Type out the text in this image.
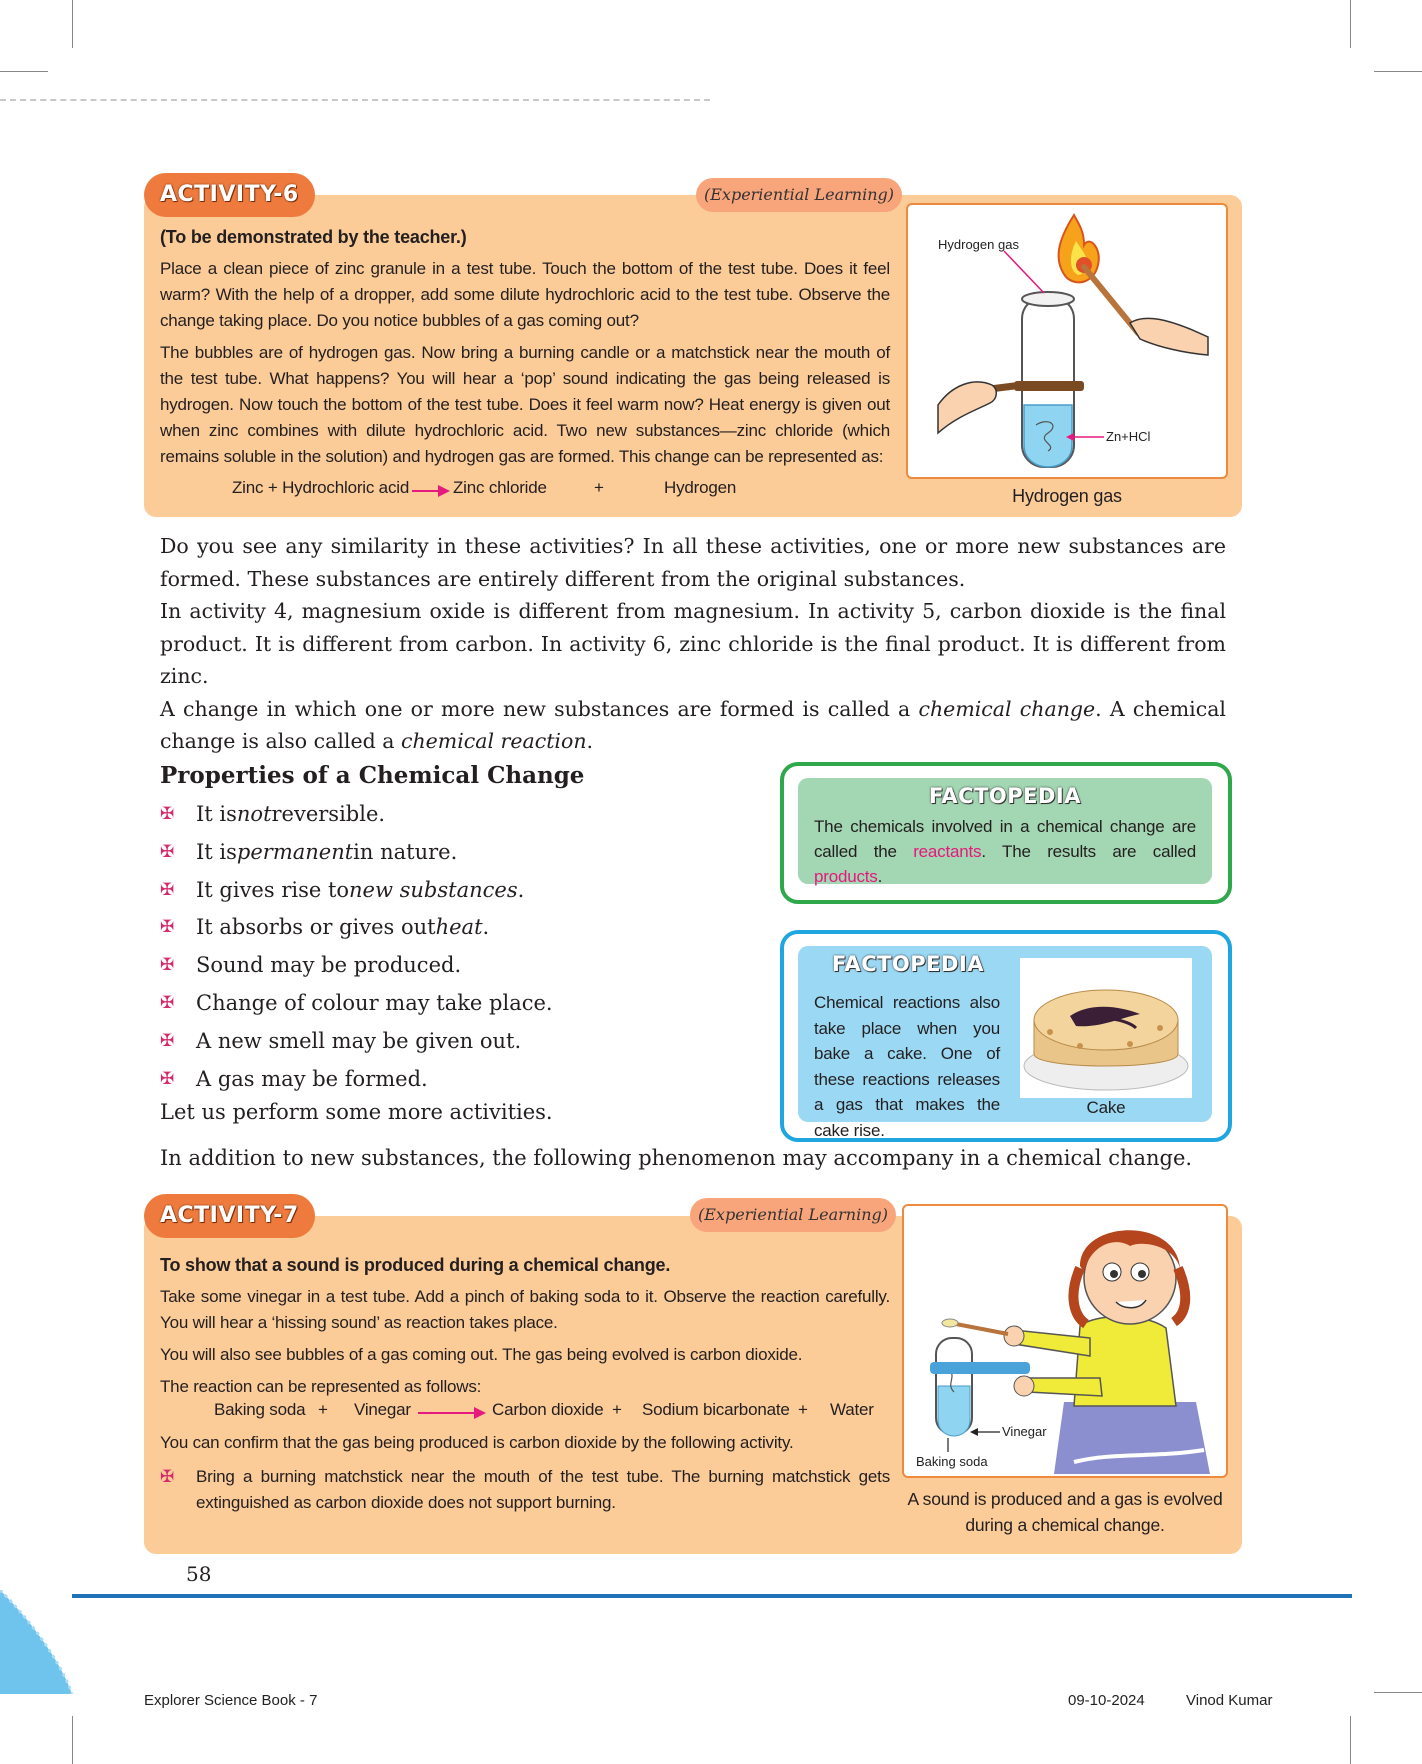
ACTIVITY-6	(Experiential Learning)

(To be demonstrated by the teacher.)

Place a clean piece of zinc granule in a test tube. Touch the bottom of the test tube. Does it feel warm? With the help of a dropper, add some dilute hydrochloric acid to the test tube. Observe the change taking place. Do you notice bubbles of a gas coming out?

The bubbles are of hydrogen gas. Now bring a burning candle or a matchstick near the mouth of the test tube. What happens? You will hear a ‘pop’ sound indicating the gas being released is hydrogen. Now touch the bottom of the test tube. Does it feel warm now? Heat energy is given out when zinc combines with dilute hydrochloric acid. Two new substances—zinc chloride (which remains soluble in the solution) and hydrogen gas are formed. This change can be represented as:

Zinc + Hydrochloric acid	Zinc chloride	+	Hydrogen
Hydrogen gas
Zn+HCl
Hydrogen gas

Do you see any similarity in these activities? In all these activities, one or more new substances are formed. These substances are entirely different from the original substances.

In activity 4, magnesium oxide is different from magnesium. In activity 5, carbon dioxide is the final product. It is different from carbon. In activity 6, zinc chloride is the final product. It is different from zinc.

A change in which one or more new substances are formed is called a chemical change. A chemical change is also called a chemical reaction.

Properties of a Chemical Change
✠	It is not reversible.
✠	It is permanent in nature.
✠	It gives rise to new substances .
✠	It absorbs or gives out heat .
✠	Sound may be produced.
✠	Change of colour may take place.
✠	A new smell may be given out.
✠	A gas may be formed.
Let us perform some more activities.
FACTOPEDIA
The chemicals involved in a chemical change are called the reactants. The results are called products.
FACTOPEDIA
Chemical reactions also take place when you bake a cake. One of these reactions releases a gas that makes the cake rise.
Cake
In addition to new substances, the following phenomenon may accompany in a chemical change.
ACTIVITY-7	(Experiential Learning)

To show that a sound is produced during a chemical change.

Take some vinegar in a test tube. Add a pinch of baking soda to it. Observe the reaction carefully. You will hear a ‘hissing sound’ as reaction takes place.

You will also see bubbles of a gas coming out. The gas being evolved is carbon dioxide.

The reaction can be represented as follows:

Baking soda + Vinegar	Carbon dioxide + Sodium bicarbonate + Water

You can confirm that the gas being produced is carbon dioxide by the following activity.

✠	Bring a burning matchstick near the mouth of the test tube. The burning matchstick gets extinguished as carbon dioxide does not support burning.
Vinegar
Baking soda
A sound is produced and a gas is evolved during a chemical change.
58
Explorer Science Book - 7	09-10-2024	Vinod Kumar
